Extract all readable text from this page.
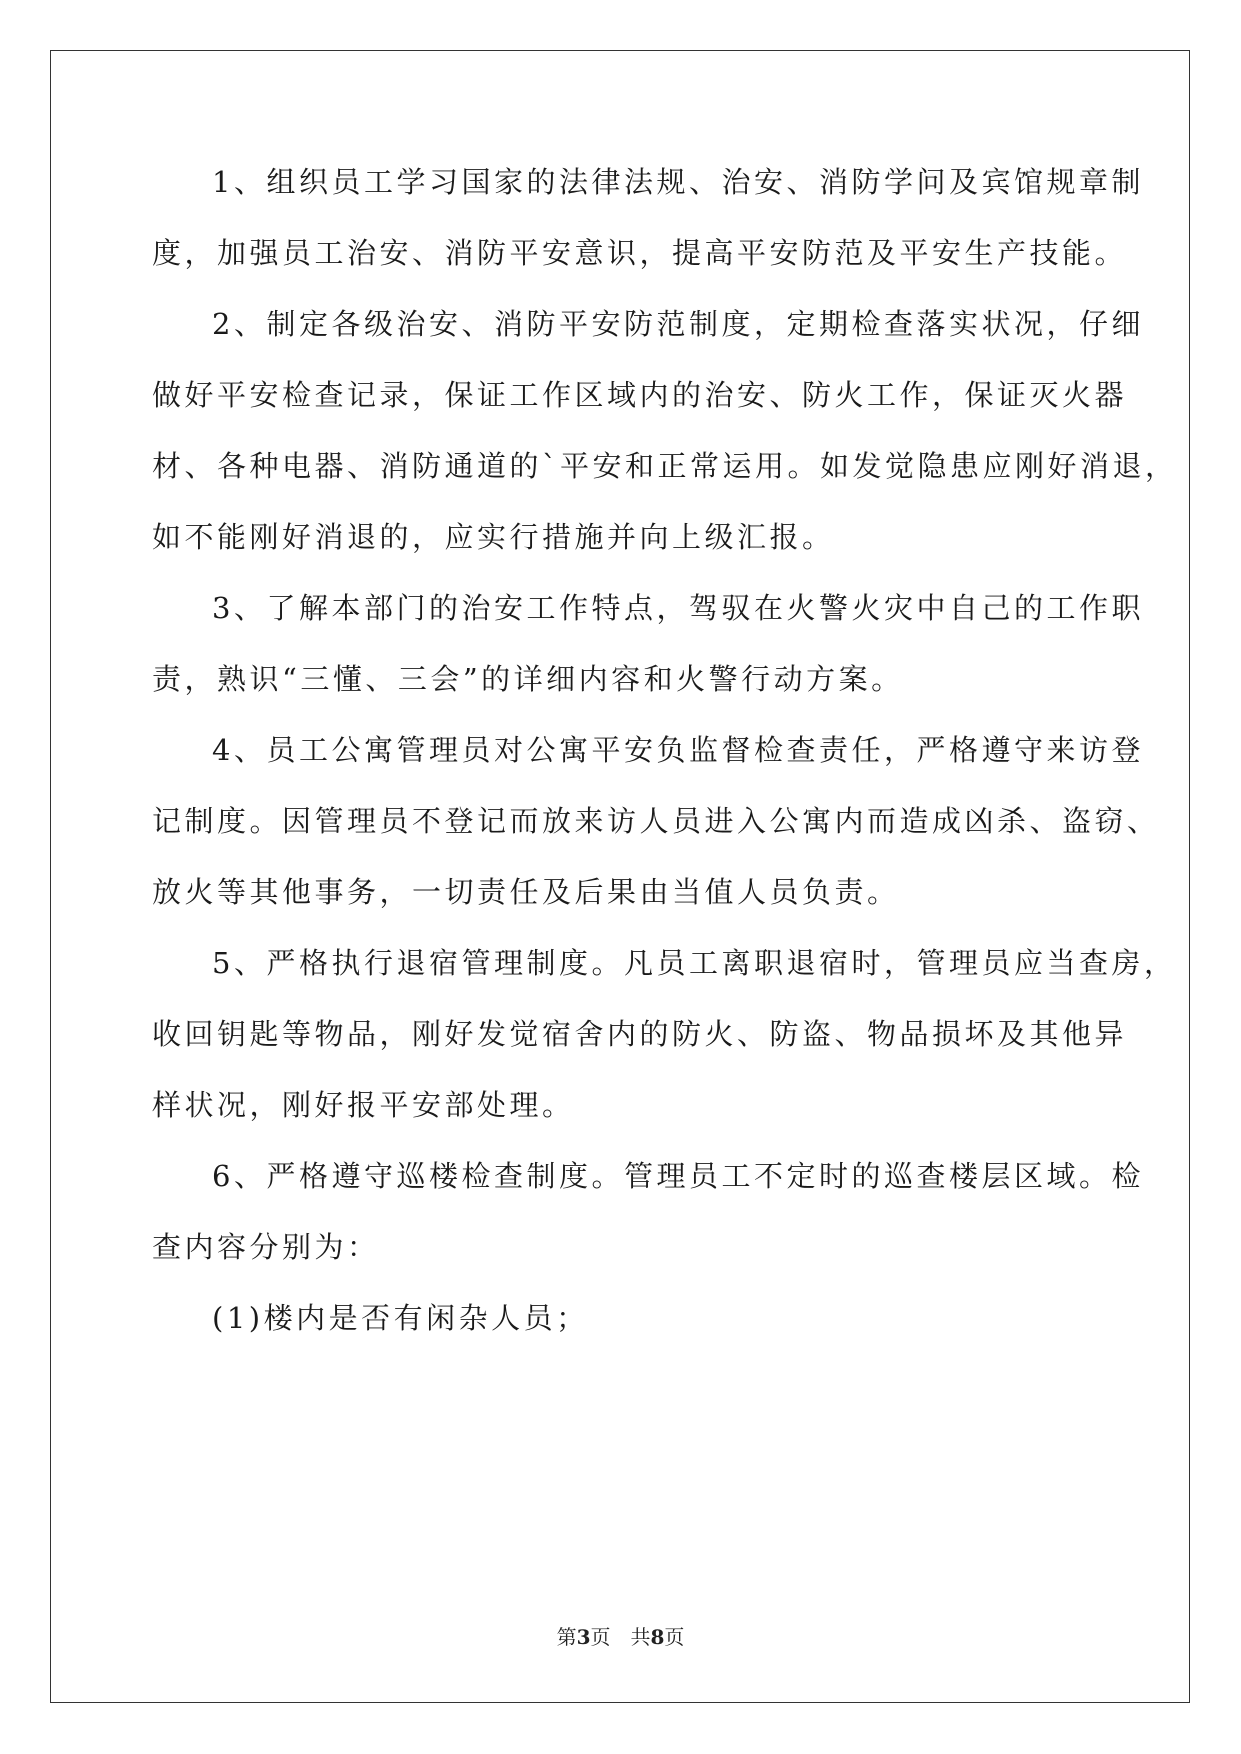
1、组织员工学习国家的法律法规、治安、消防学问及宾馆规章制
度，加强员工治安、消防平安意识，提高平安防范及平安生产技能。
2、制定各级治安、消防平安防范制度，定期检查落实状况，仔细
做好平安检查记录，保证工作区域内的治安、防火工作，保证灭火器
材、各种电器、消防通道的`平安和正常运用。如发觉隐患应刚好消退，
如不能刚好消退的，应实行措施并向上级汇报。
3、了解本部门的治安工作特点，驾驭在火警火灾中自己的工作职
责，熟识“三懂、三会”的详细内容和火警行动方案。
4、员工公寓管理员对公寓平安负监督检查责任，严格遵守来访登
记制度。因管理员不登记而放来访人员进入公寓内而造成凶杀、盗窃、
放火等其他事务，一切责任及后果由当值人员负责。
5、严格执行退宿管理制度。凡员工离职退宿时，管理员应当查房，
收回钥匙等物品，刚好发觉宿舍内的防火、防盗、物品损坏及其他异
样状况，刚好报平安部处理。
6、严格遵守巡楼检查制度。管理员工不定时的巡查楼层区域。检
查内容分别为：
(1)楼内是否有闲杂人员；
第3页　共8页
